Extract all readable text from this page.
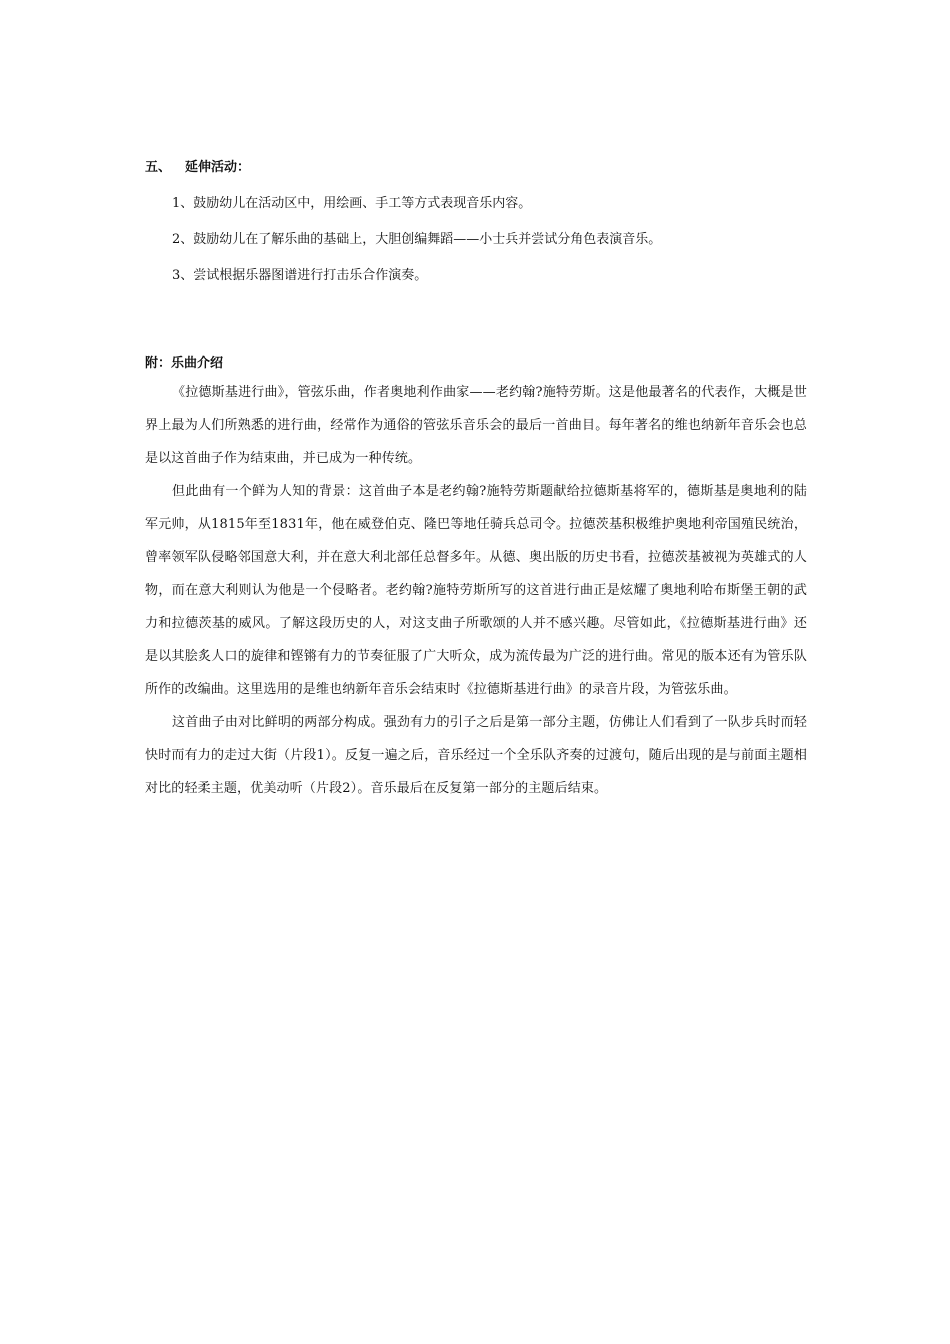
五、 延伸活动：

1、鼓励幼儿在活动区中，用绘画、手工等方式表现音乐内容。

2、鼓励幼儿在了解乐曲的基础上，大胆创编舞蹈——小士兵并尝试分角色表演音乐。

3、尝试根据乐器图谱进行打击乐合作演奏。

附：乐曲介绍

《拉德斯基进行曲》，管弦乐曲，作者奥地利作曲家——老约翰?施特劳斯。这是他最著名的代表作，大概是世界上最为人们所熟悉的进行曲，经常作为通俗的管弦乐音乐会的最后一首曲目。每年著名的维也纳新年音乐会也总是以这首曲子作为结束曲，并已成为一种传统。

但此曲有一个鲜为人知的背景：这首曲子本是老约翰?施特劳斯题献给拉德斯基将军的，德斯基是奥地利的陆军元帅，从1815年至1831年，他在威登伯克、隆巴等地任骑兵总司令。拉德茨基积极维护奥地利帝国殖民统治，曾率领军队侵略邻国意大利，并在意大利北部任总督多年。从德、奥出版的历史书看，拉德茨基被视为英雄式的人物，而在意大利则认为他是一个侵略者。老约翰?施特劳斯所写的这首进行曲正是炫耀了奥地利哈布斯堡王朝的武力和拉德茨基的威风。了解这段历史的人，对这支曲子所歌颂的人并不感兴趣。尽管如此，《拉德斯基进行曲》还是以其脍炙人口的旋律和铿锵有力的节奏征服了广大听众，成为流传最为广泛的进行曲。常见的版本还有为管乐队所作的改编曲。这里选用的是维也纳新年音乐会结束时《拉德斯基进行曲》的录音片段，为管弦乐曲。

这首曲子由对比鲜明的两部分构成。强劲有力的引子之后是第一部分主题，仿佛让人们看到了一队步兵时而轻快时而有力的走过大街（片段1）。反复一遍之后，音乐经过一个全乐队齐奏的过渡句，随后出现的是与前面主题相对比的轻柔主题，优美动听（片段2）。音乐最后在反复第一部分的主题后结束。
